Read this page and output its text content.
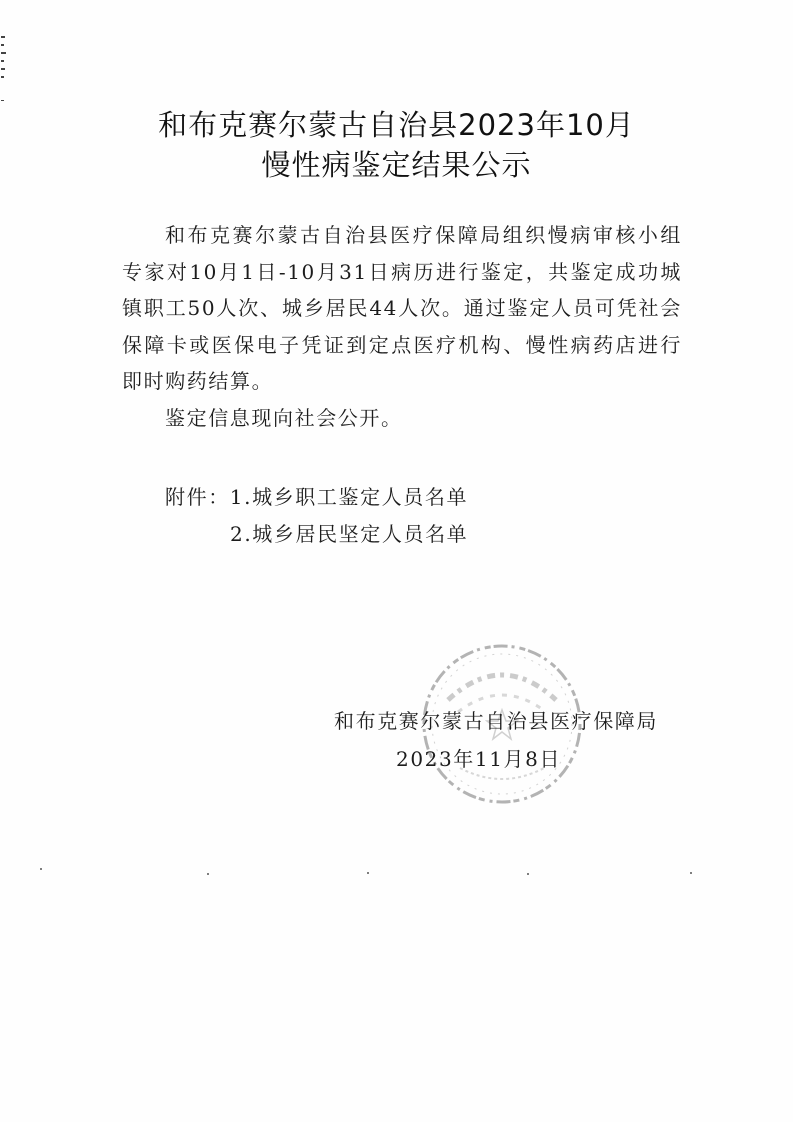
和布克赛尔蒙古自治县2023年10月
慢性病鉴定结果公示
和布克赛尔蒙古自治县医疗保障局组织慢病审核小组专家对10月1日-10月31日病历进行鉴定，共鉴定成功城镇职工50人次、城乡居民44人次。通过鉴定人员可凭社会保障卡或医保电子凭证到定点医疗机构、慢性病药店进行即时购药结算。
鉴定信息现向社会公开。
附件：1.城乡职工鉴定人员名单
2.城乡居民坚定人员名单
和布克赛尔蒙古自治县医疗保障局
2023年11月8日
